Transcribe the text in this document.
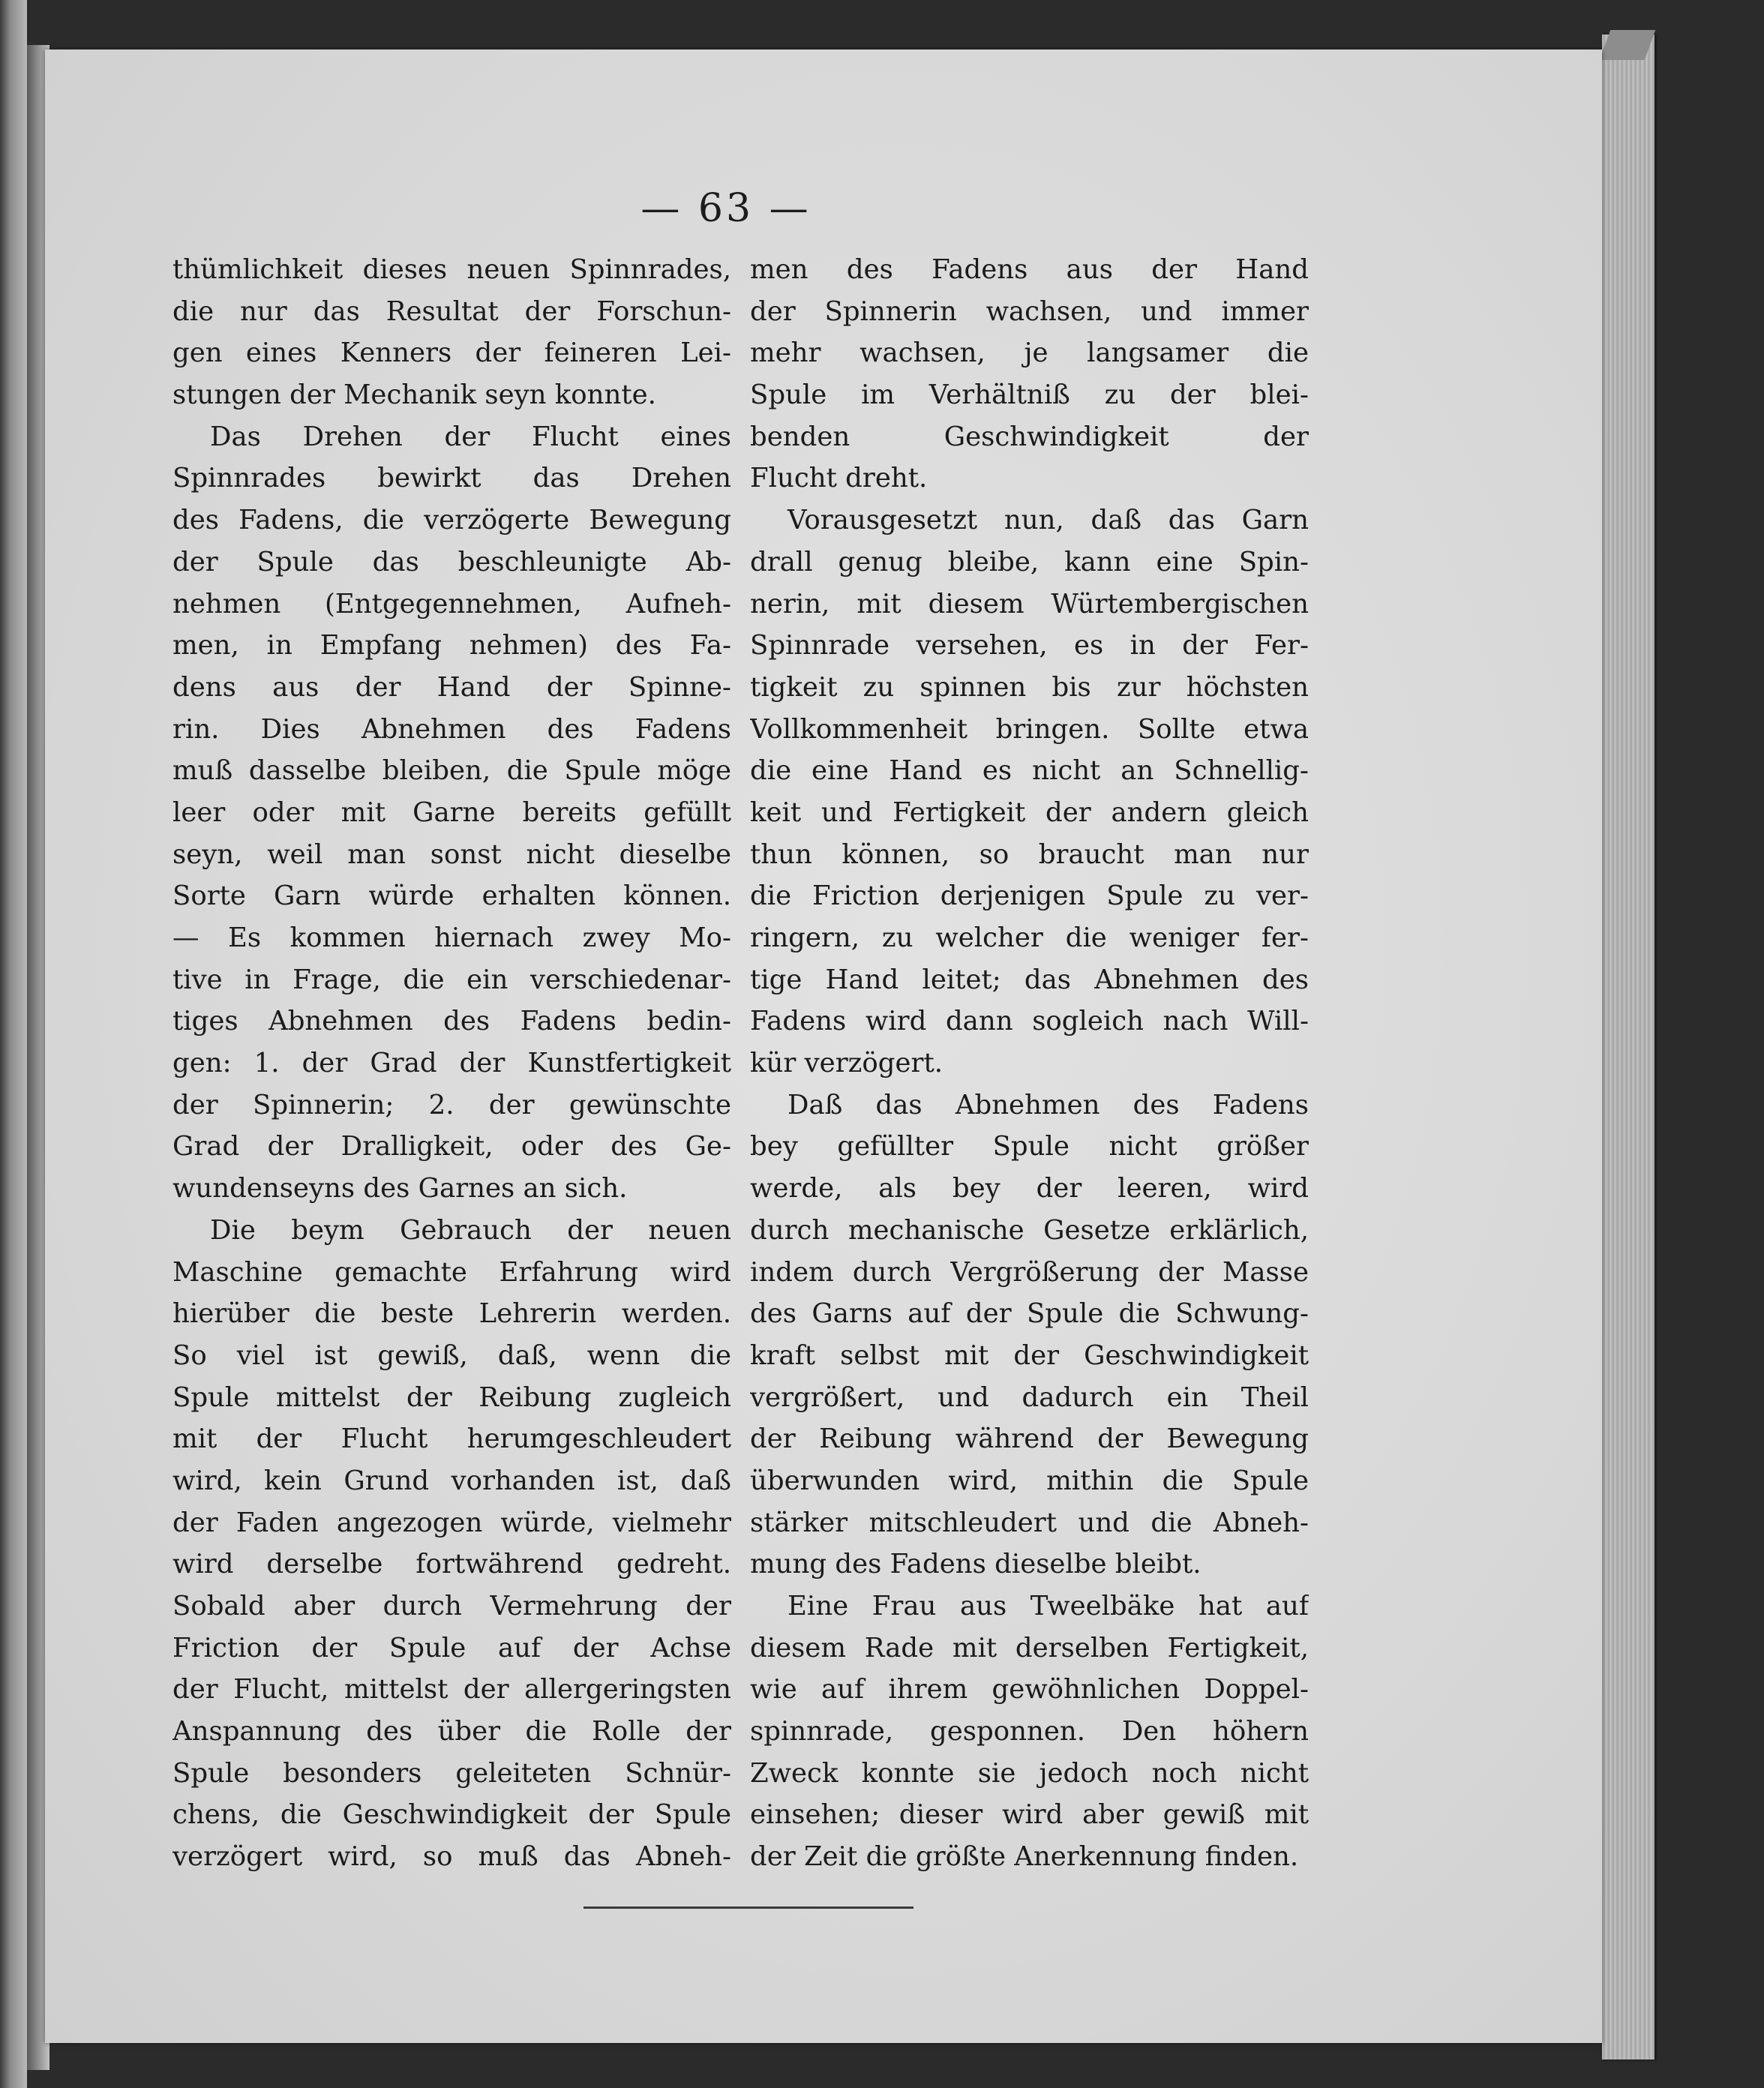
— 63 —
thümlichkeit dieses neuen Spinnrades,
die nur das Resultat der Forschun-
gen eines Kenners der feineren Lei-
stungen der Mechanik seyn konnte.
Das Drehen der Flucht eines
Spinnrades bewirkt das Drehen
des Fadens, die verzögerte Bewegung
der Spule das beschleunigte Ab-
nehmen (Entgegennehmen, Aufneh-
men, in Empfang nehmen) des Fa-
dens aus der Hand der Spinne-
rin. Dies Abnehmen des Fadens
muß dasselbe bleiben, die Spule möge
leer oder mit Garne bereits gefüllt
seyn, weil man sonst nicht dieselbe
Sorte Garn würde erhalten können.
— Es kommen hiernach zwey Mo-
tive in Frage, die ein verschiedenar-
tiges Abnehmen des Fadens bedin-
gen: 1. der Grad der Kunstfertigkeit
der Spinnerin; 2. der gewünschte
Grad der Dralligkeit, oder des Ge-
wundenseyns des Garnes an sich.
Die beym Gebrauch der neuen
Maschine gemachte Erfahrung wird
hierüber die beste Lehrerin werden.
So viel ist gewiß, daß, wenn die
Spule mittelst der Reibung zugleich
mit der Flucht herumgeschleudert
wird, kein Grund vorhanden ist, daß
der Faden angezogen würde, vielmehr
wird derselbe fortwährend gedreht.
Sobald aber durch Vermehrung der
Friction der Spule auf der Achse
der Flucht, mittelst der allergeringsten
Anspannung des über die Rolle der
Spule besonders geleiteten Schnür-
chens, die Geschwindigkeit der Spule
verzögert wird, so muß das Abneh-
men des Fadens aus der Hand
der Spinnerin wachsen, und immer
mehr wachsen, je langsamer die
Spule im Verhältniß zu der blei-
benden Geschwindigkeit der
Flucht dreht.
Vorausgesetzt nun, daß das Garn
drall genug bleibe, kann eine Spin-
nerin, mit diesem Würtembergischen
Spinnrade versehen, es in der Fer-
tigkeit zu spinnen bis zur höchsten
Vollkommenheit bringen. Sollte etwa
die eine Hand es nicht an Schnellig-
keit und Fertigkeit der andern gleich
thun können, so braucht man nur
die Friction derjenigen Spule zu ver-
ringern, zu welcher die weniger fer-
tige Hand leitet; das Abnehmen des
Fadens wird dann sogleich nach Will-
kür verzögert.
Daß das Abnehmen des Fadens
bey gefüllter Spule nicht größer
werde, als bey der leeren, wird
durch mechanische Gesetze erklärlich,
indem durch Vergrößerung der Masse
des Garns auf der Spule die Schwung-
kraft selbst mit der Geschwindigkeit
vergrößert, und dadurch ein Theil
der Reibung während der Bewegung
überwunden wird, mithin die Spule
stärker mitschleudert und die Abneh-
mung des Fadens dieselbe bleibt.
Eine Frau aus Tweelbäke hat auf
diesem Rade mit derselben Fertigkeit,
wie auf ihrem gewöhnlichen Doppel-
spinnrade, gesponnen. Den höhern
Zweck konnte sie jedoch noch nicht
einsehen; dieser wird aber gewiß mit
der Zeit die größte Anerkennung finden.
